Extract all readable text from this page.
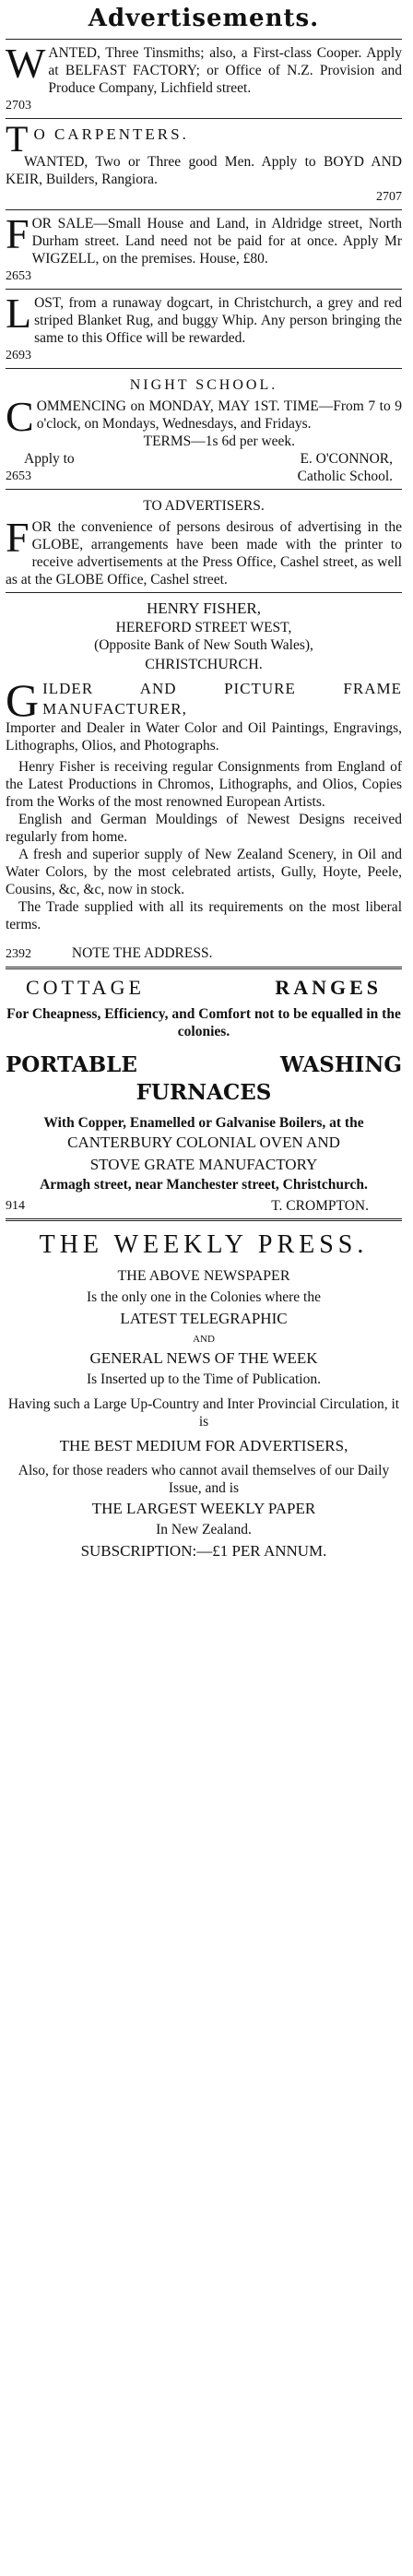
Advertisements.
W ANTED, Three Tinsmiths; also, a First-class Cooper. Apply at BELFAST FACTORY; or Office of N.Z. Provision and Produce Company, Lichfield street.
2703
T O CARPENTERS.
WANTED, Two or Three good Men. Apply to BOYD AND KEIR, Builders, Rangiora.
2707
F OR SALE—Small House and Land, in Aldridge street, North Durham street. Land need not be paid for at once. Apply Mr WIGZELL, on the premises. House, £80.
2653
L OST, from a runaway dogcart, in Christchurch, a grey and red striped Blanket Rug, and buggy Whip. Any person bringing the same to this Office will be rewarded.
2693
NIGHT SCHOOL.
C OMMENCING on MONDAY, MAY 1ST. TIME—From 7 to 9 o'clock, on Mondays, Wednesdays, and Fridays.
TERMS—1s 6d per week.
Apply to	E. O'CONNOR,
2653	Catholic School.
TO ADVERTISERS.
F OR the convenience of persons desirous of advertising in the GLOBE, arrangements have been made with the printer to receive advertisements at the Press Office, Cashel street, as well as at the GLOBE Office, Cashel street.
HENRY FISHER,
HEREFORD STREET WEST,
(Opposite Bank of New South Wales),
CHRISTCHURCH.
G ILDER AND PICTURE FRAME MANUFACTURER,
Importer and Dealer in Water Color and Oil Paintings, Engravings, Lithographs, Olios, and Photographs.
Henry Fisher is receiving regular Consignments from England of the Latest Productions in Chromos, Lithographs, and Olios, Copies from the Works of the most renowned European Artists.
English and German Mouldings of Newest Designs received regularly from home.
A fresh and superior supply of New Zealand Scenery, in Oil and Water Colors, by the most celebrated artists, Gully, Hoyte, Peele, Cousins, &c, &c, now in stock.
The Trade supplied with all its requirements on the most liberal terms.
2392	NOTE THE ADDRESS.
COTTAGE	RANGES
For Cheapness, Efficiency, and Comfort not to be equalled in the colonies.
PORTABLE	WASHING
FURNACES
With Copper, Enamelled or Galvanise Boilers, at the
CANTERBURY COLONIAL OVEN AND
STOVE GRATE MANUFACTORY
Armagh street, near Manchester street, Christchurch.
914	T. CROMPTON.
THE WEEKLY PRESS.
THE ABOVE NEWSPAPER
Is the only one in the Colonies where the
LATEST TELEGRAPHIC
AND
GENERAL NEWS OF THE WEEK
Is Inserted up to the Time of Publication.
Having such a Large Up-Country and Inter Provincial Circulation, it is
THE BEST MEDIUM FOR ADVERTISERS,
Also, for those readers who cannot avail themselves of our Daily Issue, and is
THE LARGEST WEEKLY PAPER
In New Zealand.
SUBSCRIPTION:—£1 PER ANNUM.
